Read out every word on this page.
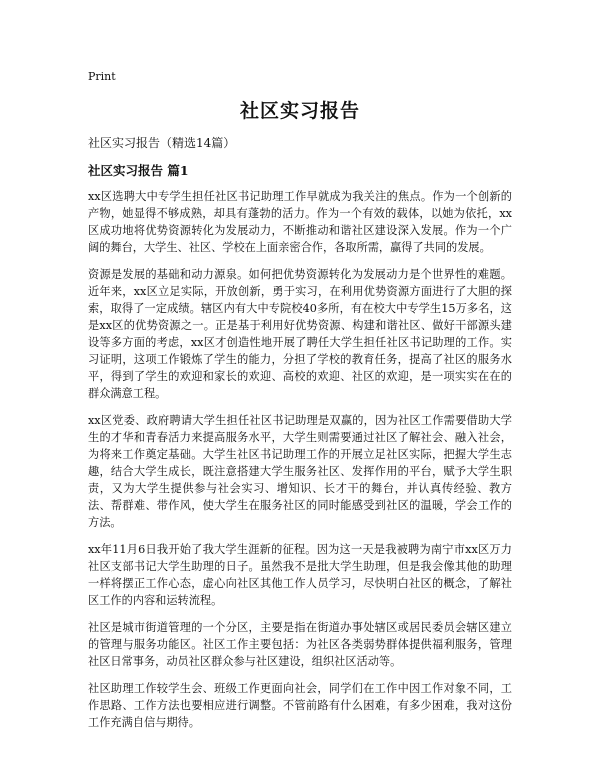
Print
社区实习报告
社区实习报告（精选14篇）
社区实习报告 篇1

xx区选聘大中专学生担任社区书记助理工作早就成为我关注的焦点。作为一个创新的产物，她显得不够成熟，却具有蓬勃的活力。作为一个有效的载体，以她为依托，xx区成功地将优势资源转化为发展动力，不断推动和谐社区建设深入发展。作为一个广阔的舞台，大学生、社区、学校在上面亲密合作，各取所需，赢得了共同的发展。

资源是发展的基础和动力源泉。如何把优势资源转化为发展动力是个世界性的难题。近年来，xx区立足实际，开放创新，勇于实习，在利用优势资源方面进行了大胆的探索，取得了一定成绩。辖区内有大中专院校40多所，有在校大中专学生15万多名，这是xx区的优势资源之一。正是基于利用好优势资源、构建和谐社区、做好干部源头建设等多方面的考虑，xx区才创造性地开展了聘任大学生担任社区书记助理的工作。实习证明，这项工作锻炼了学生的能力，分担了学校的教育任务，提高了社区的服务水平，得到了学生的欢迎和家长的欢迎、高校的欢迎、社区的欢迎，是一项实实在在的群众满意工程。

xx区党委、政府聘请大学生担任社区书记助理是双赢的，因为社区工作需要借助大学生的才华和青春活力来提高服务水平，大学生则需要通过社区了解社会、融入社会，为将来工作奠定基础。大学生社区书记助理工作的开展立足社区实际，把握大学生志趣，结合大学生成长，既注意搭建大学生服务社区、发挥作用的平台，赋予大学生职责，又为大学生提供参与社会实习、增知识、长才干的舞台，并认真传经验、教方法、帮群难、带作风，使大学生在服务社区的同时能感受到社区的温暖，学会工作的方法。

xx年11月6日我开始了我大学生涯新的征程。因为这一天是我被聘为南宁市xx区万力社区支部书记大学生助理的日子。虽然我不是批大学生助理，但是我会像其他的助理一样将摆正工作心态，虚心向社区其他工作人员学习，尽快明白社区的概念，了解社区工作的内容和运转流程。

社区是城市街道管理的一个分区，主要是指在街道办事处辖区或居民委员会辖区建立的管理与服务功能区。社区工作主要包括：为社区各类弱势群体提供福利服务，管理社区日常事务，动员社区群众参与社区建设，组织社区活动等。

社区助理工作较学生会、班级工作更面向社会，同学们在工作中因工作对象不同，工作思路、工作方法也要相应进行调整。不管前路有什么困难，有多少困难，我对这份工作充满自信与期待。
